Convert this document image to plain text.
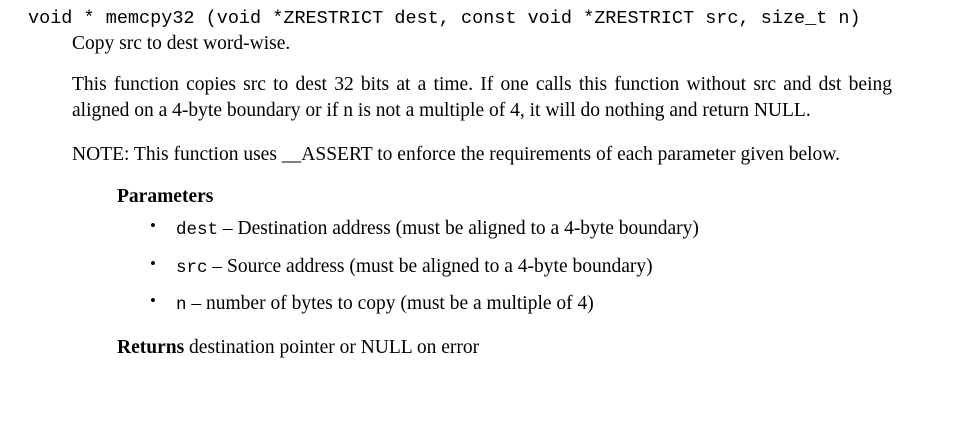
void * memcpy32 (void *ZRESTRICT dest, const void *ZRESTRICT src, size_t n)
Copy src to dest word-wise.
This function copies src to dest 32 bits at a time. If one calls this function without src and dst being aligned on a 4-byte boundary or if n is not a multiple of 4, it will do nothing and return NULL.
NOTE: This function uses __ASSERT to enforce the requirements of each parameter given below.
Parameters
• dest – Destination address (must be aligned to a 4-byte boundary)
• src – Source address (must be aligned to a 4-byte boundary)
• n – number of bytes to copy (must be a multiple of 4)
Returns destination pointer or NULL on error
